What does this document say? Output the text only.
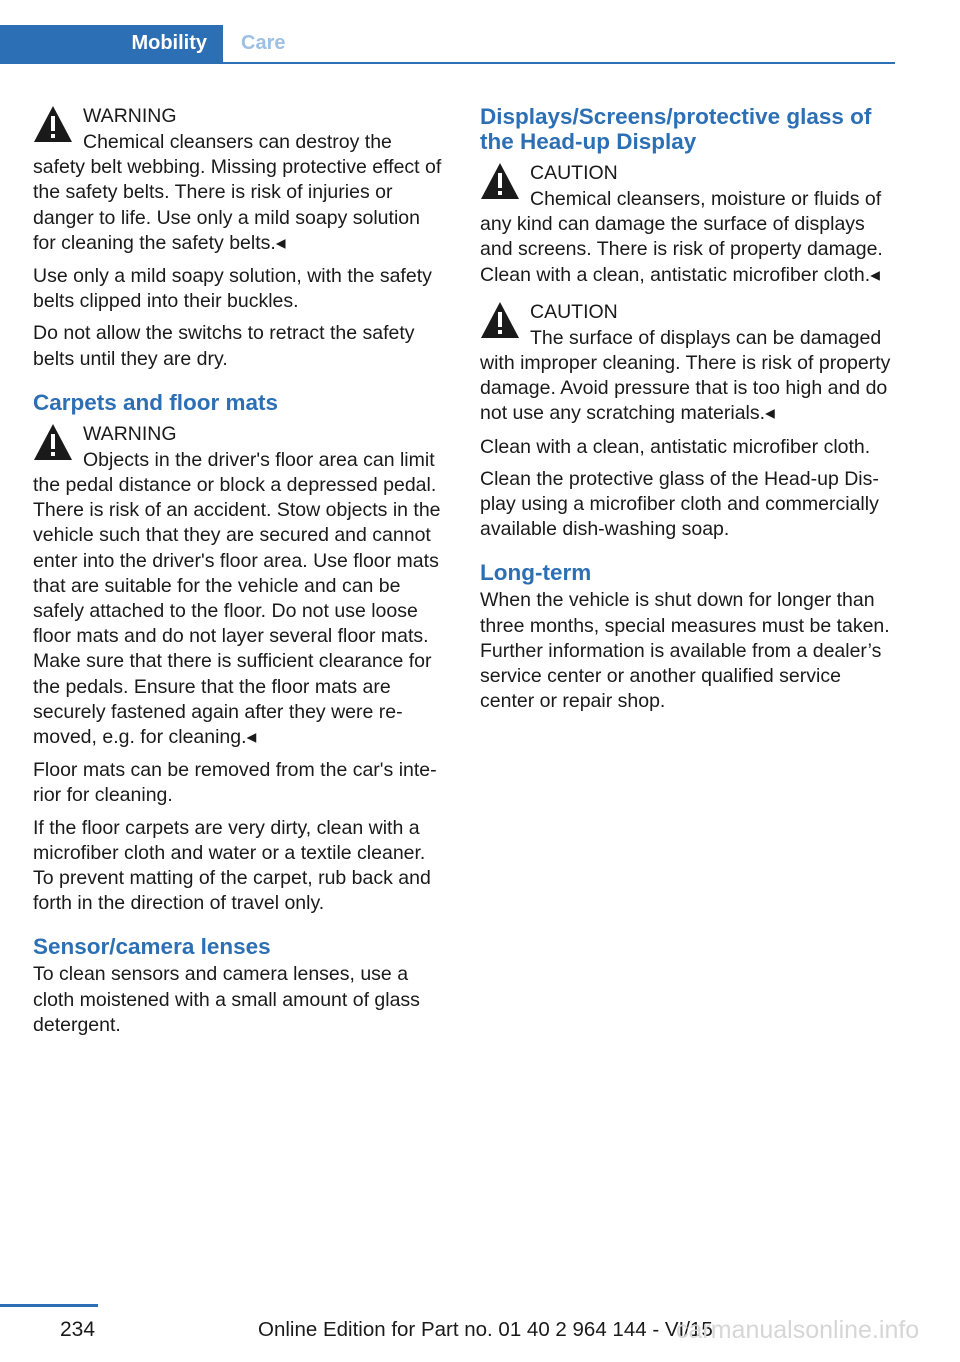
Mobility Care
WARNING
Chemical cleansers can destroy the safety belt webbing. Missing protective effect of the safety belts. There is risk of injuries or danger to life. Use only a mild soapy solution for cleaning the safety belts.◂

Use only a mild soapy solution, with the safety belts clipped into their buckles.

Do not allow the switchs to retract the safety belts until they are dry.

Carpets and floor mats
WARNING
Objects in the driver's floor area can limit the pedal distance or block a depressed pedal. There is risk of an accident. Stow objects in the vehicle such that they are secured and cannot enter into the driver's floor area. Use floor mats that are suitable for the vehicle and can be safely attached to the floor. Do not use loose floor mats and do not layer several floor mats. Make sure that there is sufficient clearance for the pedals. Ensure that the floor mats are securely fastened again after they were removed, e.g. for cleaning.◂

Floor mats can be removed from the car's interior for cleaning.

If the floor carpets are very dirty, clean with a microfiber cloth and water or a textile cleaner. To prevent matting of the carpet, rub back and forth in the direction of travel only.

Sensor/camera lenses

To clean sensors and camera lenses, use a cloth moistened with a small amount of glass detergent.

Displays/Screens/protective glass of the Head-up Display
CAUTION
Chemical cleansers, moisture or fluids of any kind can damage the surface of displays and screens. There is risk of property damage. Clean with a clean, antistatic microfiber cloth.◂
CAUTION
The surface of displays can be damaged with improper cleaning. There is risk of property damage. Avoid pressure that is too high and do not use any scratching materials.◂

Clean with a clean, antistatic microfiber cloth.

Clean the protective glass of the Head-up Display using a microfiber cloth and commercially available dish-washing soap.

Long-term

When the vehicle is shut down for longer than three months, special measures must be taken. Further information is available from a dealer’s service center or another qualified service center or repair shop.

234	Online Edition for Part no. 01 40 2 964 144 - VI/15
carmanualsonline.info
